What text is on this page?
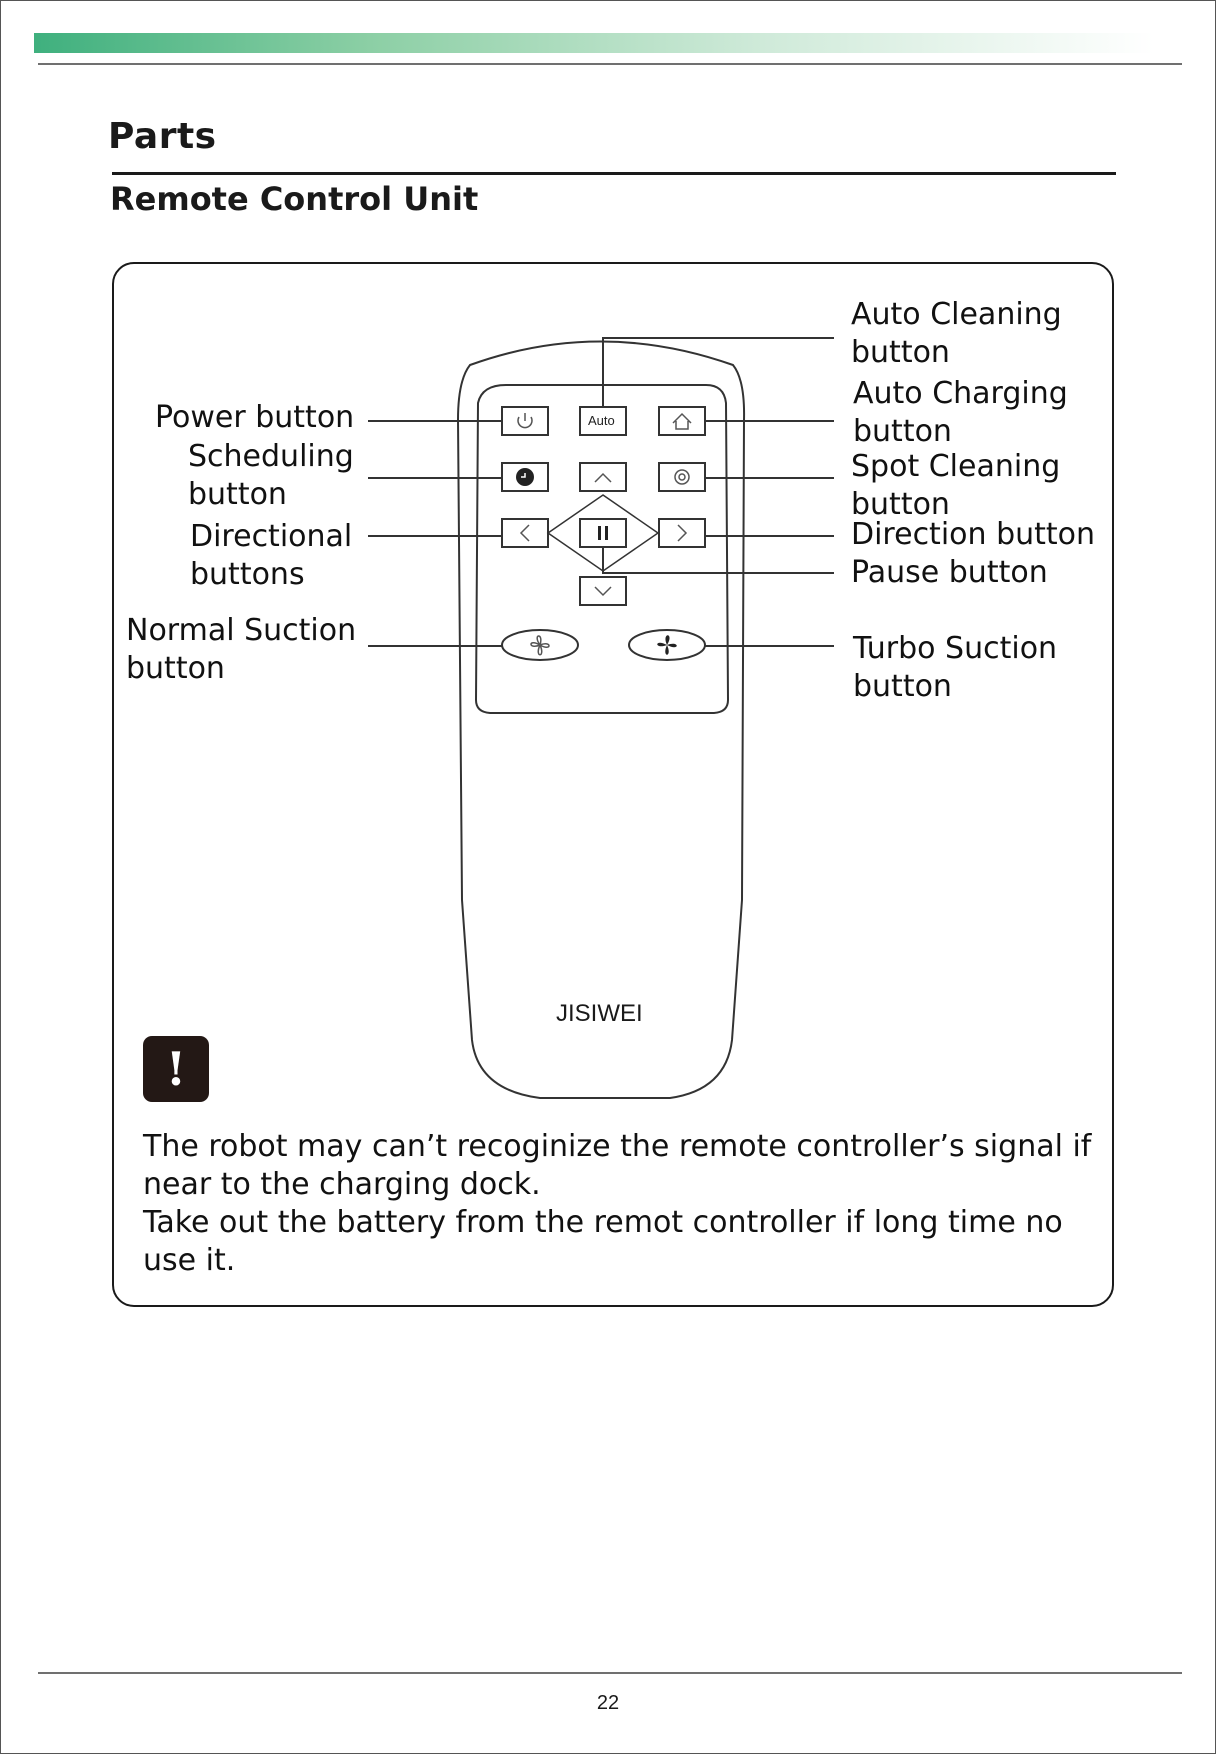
Parts
Remote Control Unit
Auto
JISIWEI
Power button
Scheduling
button
Directional
buttons
Normal Suction
button
Auto Cleaning
button
Auto Charging
button
Spot Cleaning
button
Direction button
Pause button
Turbo Suction
button
!

The robot may can’t recoginize the remote controller’s signal if

near to the charging dock.

Take out the battery from the remot controller if long time no

use it.

22
